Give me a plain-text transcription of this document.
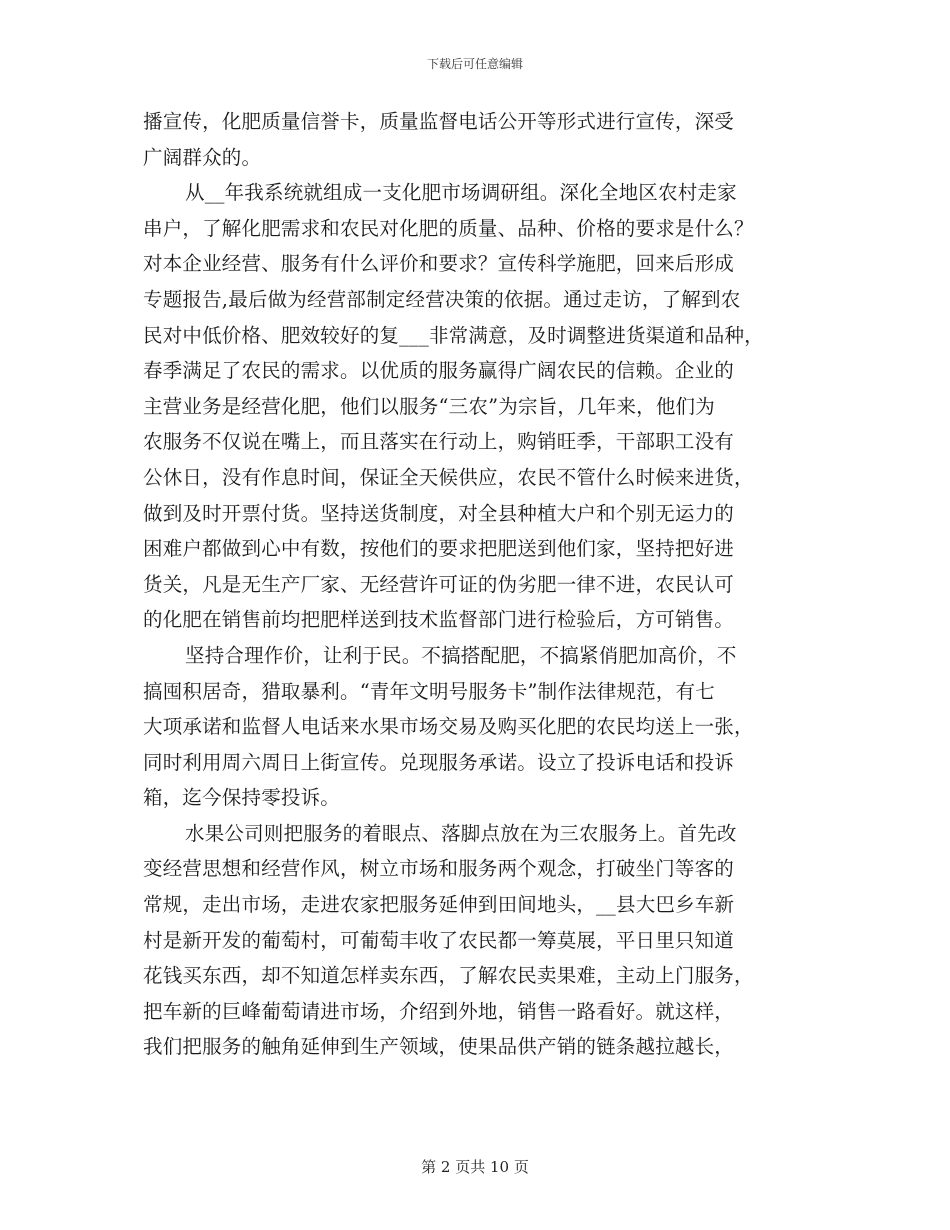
下载后可任意编辑
播宣传，化肥质量信誉卡，质量监督电话公开等形式进行宣传，深受
广阔群众的。
从__年我系统就组成一支化肥市场调研组。深化全地区农村走家
串户，了解化肥需求和农民对化肥的质量、品种、价格的要求是什么？
对本企业经营、服务有什么评价和要求？宣传科学施肥，回来后形成
专题报告,最后做为经营部制定经营决策的依据。通过走访，了解到农
民对中低价格、肥效较好的复___非常满意，及时调整进货渠道和品种，
春季满足了农民的需求。以优质的服务赢得广阔农民的信赖。企业的
主营业务是经营化肥，他们以服务“三农”为宗旨，几年来，他们为
农服务不仅说在嘴上，而且落实在行动上，购销旺季，干部职工没有
公休日，没有作息时间，保证全天候供应，农民不管什么时候来进货，
做到及时开票付货。坚持送货制度，对全县种植大户和个别无运力的
困难户都做到心中有数，按他们的要求把肥送到他们家，坚持把好进
货关，凡是无生产厂家、无经营许可证的伪劣肥一律不进，农民认可
的化肥在销售前均把肥样送到技术监督部门进行检验后，方可销售。
坚持合理作价，让利于民。不搞搭配肥，不搞紧俏肥加高价，不
搞囤积居奇，猎取暴利。“青年文明号服务卡”制作法律规范，有七
大项承诺和监督人电话来水果市场交易及购买化肥的农民均送上一张，
同时利用周六周日上街宣传。兑现服务承诺。设立了投诉电话和投诉
箱，迄今保持零投诉。
水果公司则把服务的着眼点、落脚点放在为三农服务上。首先改
变经营思想和经营作风，树立市场和服务两个观念，打破坐门等客的
常规，走出市场，走进农家把服务延伸到田间地头，__县大巴乡车新
村是新开发的葡萄村，可葡萄丰收了农民都一筹莫展，平日里只知道
花钱买东西，却不知道怎样卖东西，了解农民卖果难，主动上门服务，
把车新的巨峰葡萄请进市场，介绍到外地，销售一路看好。就这样，
我们把服务的触角延伸到生产领域，使果品供产销的链条越拉越长，
第 2 页共 10 页
